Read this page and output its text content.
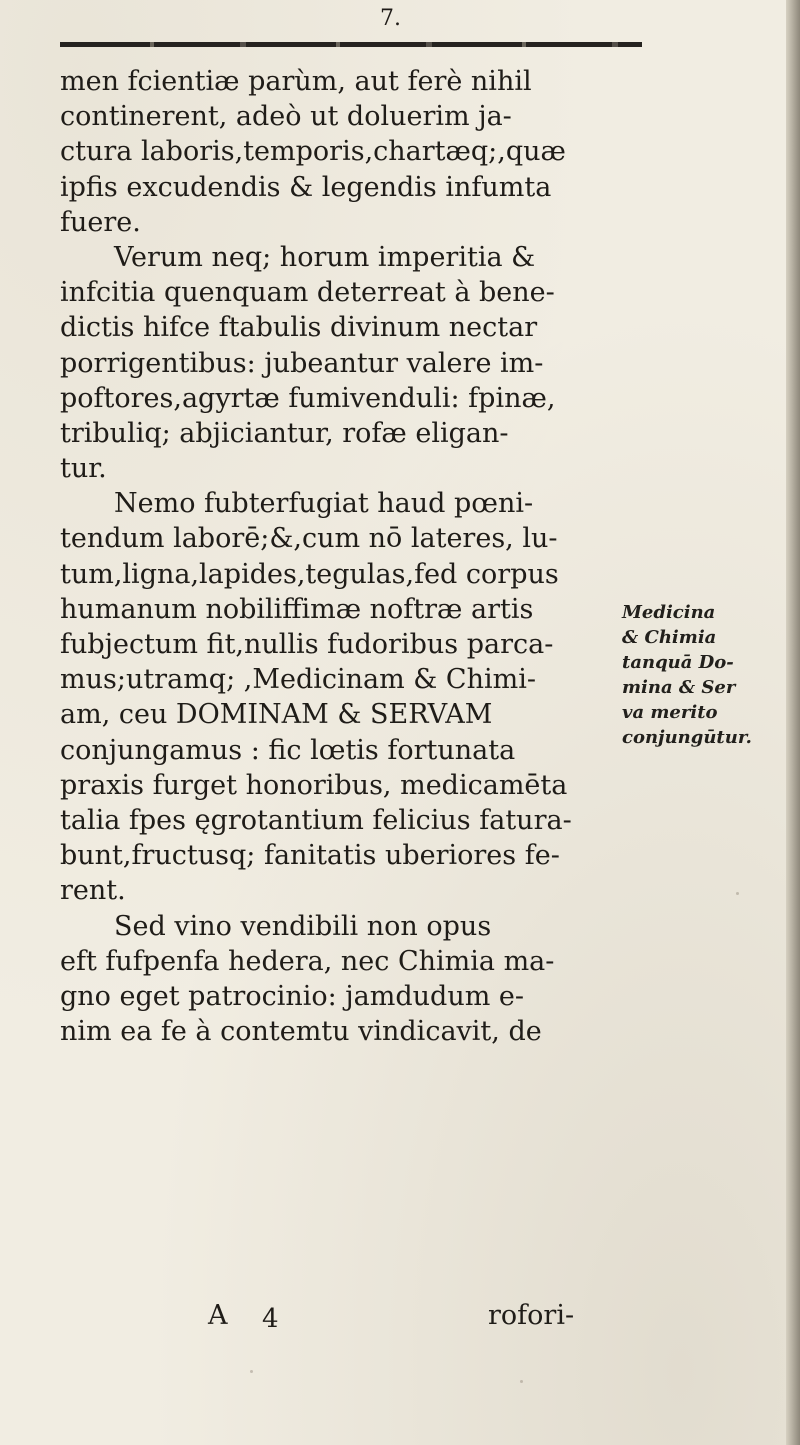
7.
men fcientiæ parùm, aut ferè nihil
continerent, adeò ut doluerim ja-
ctura laboris,temporis,chartæq;,quæ
ipfis excudendis & legendis infumta
fuere.
Verum neq; horum imperitia &
infcitia quenquam deterreat à bene-
dictis hifce ftabulis divinum nectar
porrigentibus: jubeantur valere im-
poftores,agyrtæ fumivenduli: fpinæ,
tribuliq; abjiciantur, rofæ eligan-
tur.
Nemo fubterfugiat haud pœni-
tendum laborē;&,cum nō lateres, lu-
tum,ligna,lapides,tegulas,fed corpus
humanum nobiliffimæ noftræ artis
fubjectum fit,nullis fudoribus parca-
mus;utramq; ,Medicinam & Chimi-
am, ceu DOMINAM & SERVAM
conjungamus : fic lœtis fortunata
praxis furget honoribus, medicamēta
talia fpes ęgrotantium felicius fatura-
bunt,fructusq; fanitatis uberiores fe-
rent.
Sed vino vendibili non opus
eft fufpenfa hedera, nec Chimia ma-
gno eget patrocinio: jamdudum e-
nim ea fe à contemtu vindicavit, de
Medicina
& Chimia
tanquā Do-
mina & Ser
va merito
conjungūtur.
A 4	rofori-
